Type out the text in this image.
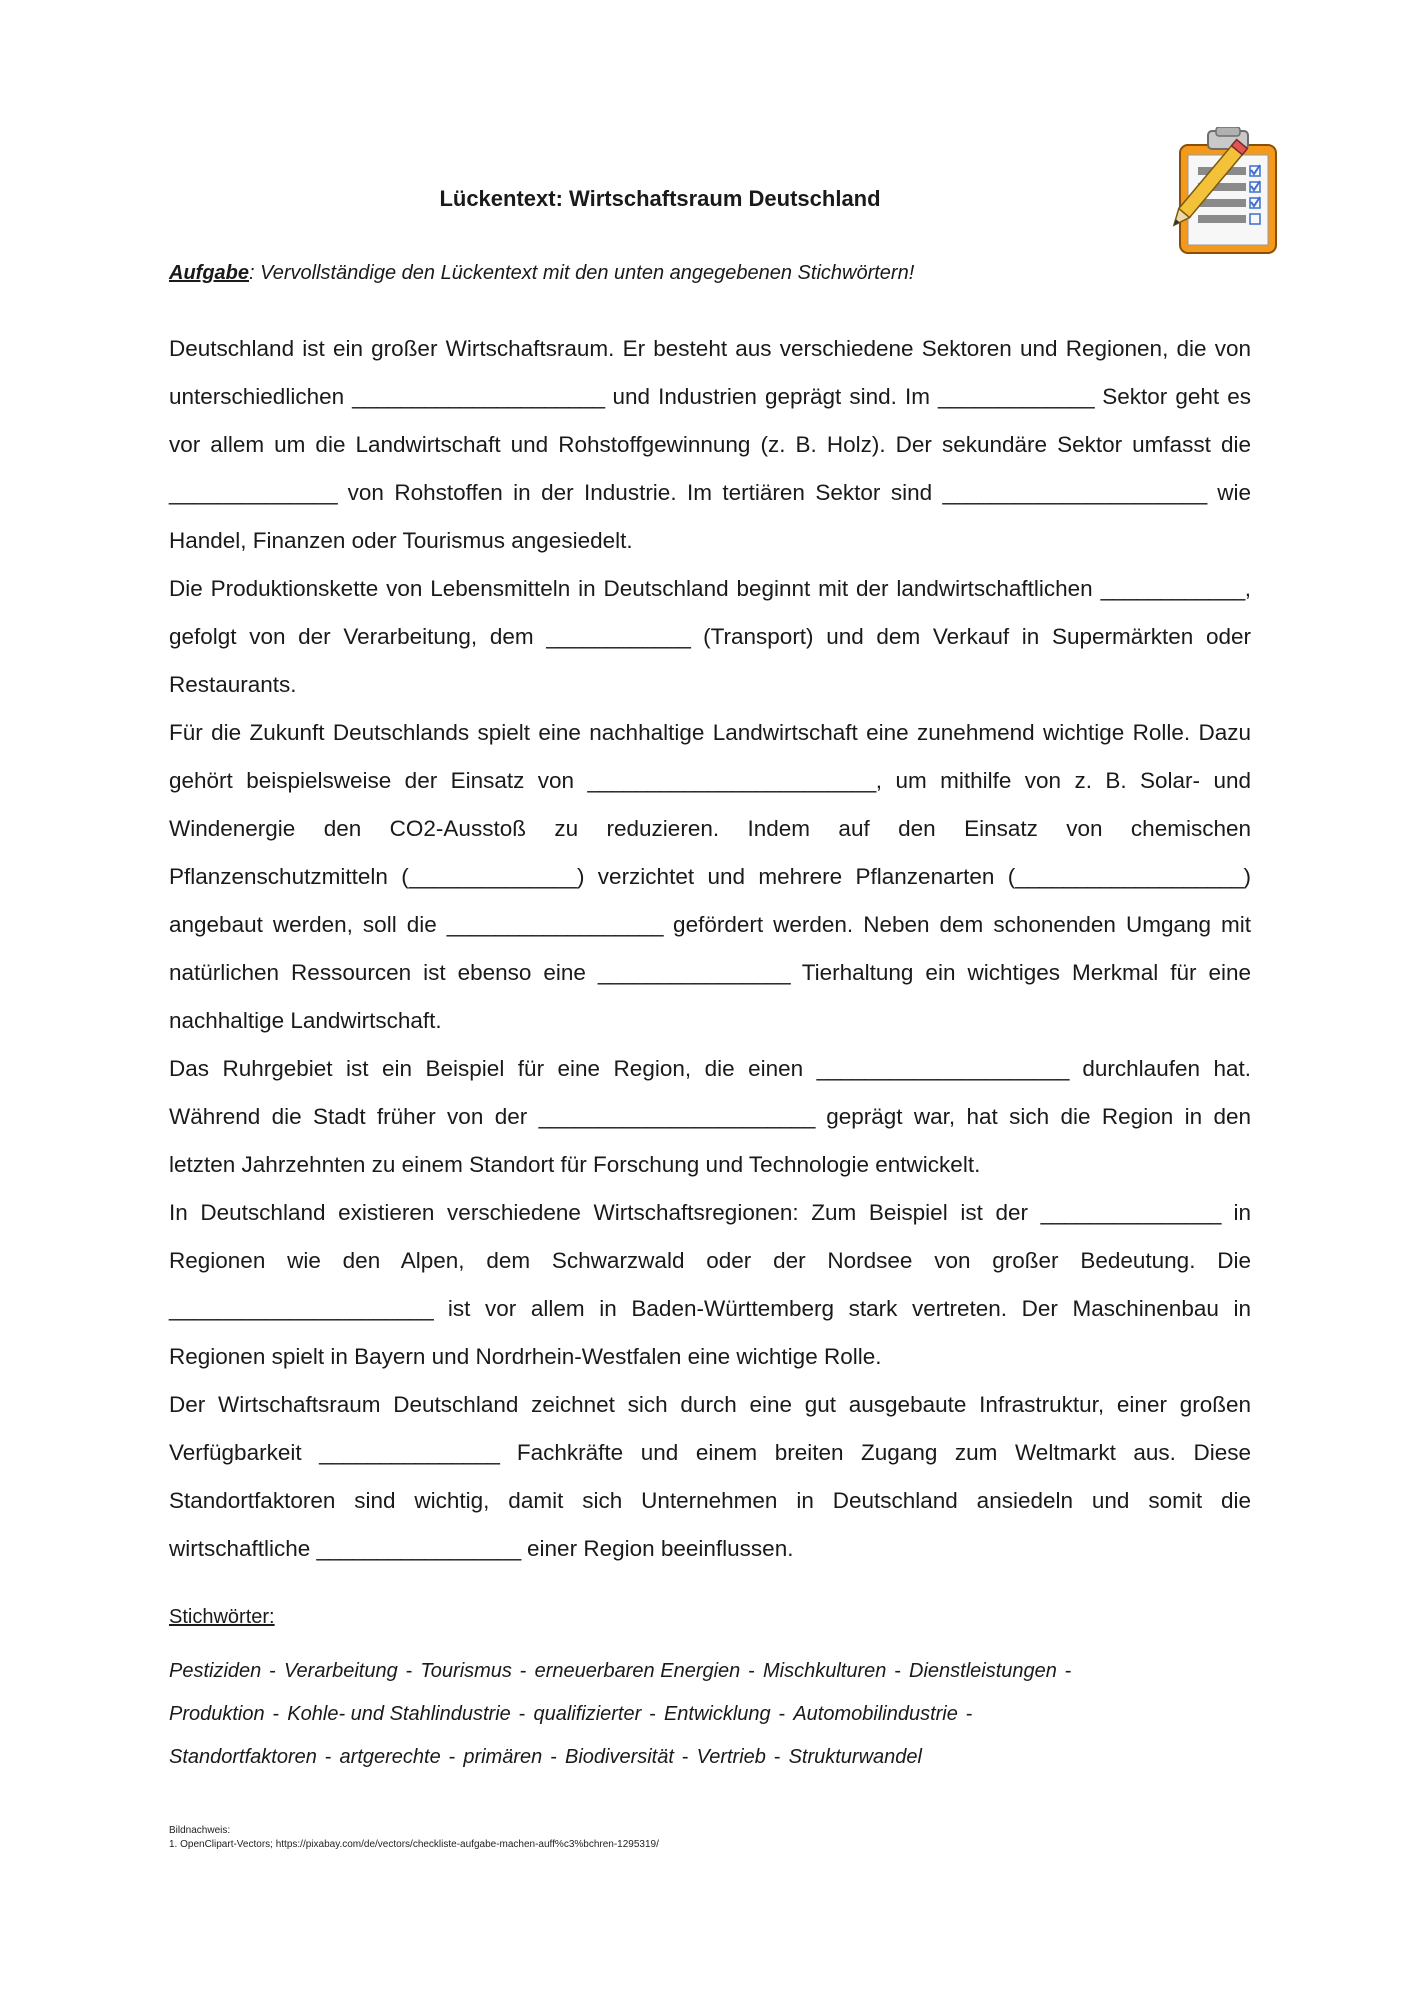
Lückentext: Wirtschaftsraum Deutschland
Aufgabe: Vervollständige den Lückentext mit den unten angegebenen Stichwörtern!

Deutschland ist ein großer Wirtschaftsraum. Er besteht aus verschiedene Sektoren und Regionen, die von unterschiedlichen _____________________ und Industrien geprägt sind. Im _____________ Sektor geht es vor allem um die Landwirtschaft und Rohstoffgewinnung (z. B. Holz). Der sekundäre Sektor umfasst die ______________ von Rohstoffen in der Industrie. Im tertiären Sektor sind ______________________ wie Handel, Finanzen oder Tourismus angesiedelt.

Die Produktionskette von Lebensmitteln in Deutschland beginnt mit der landwirtschaftlichen ____________, gefolgt von der Verarbeitung, dem ____________ (Transport) und dem Verkauf in Supermärkten oder Restaurants.

Für die Zukunft Deutschlands spielt eine nachhaltige Landwirtschaft eine zunehmend wichtige Rolle. Dazu gehört beispielsweise der Einsatz von ________________________, um mithilfe von z. B. Solar- und Windenergie den CO2-Ausstoß zu reduzieren. Indem auf den Einsatz von chemischen Pflanzenschutzmitteln (______________) verzichtet und mehrere Pflanzenarten (___________________) angebaut werden, soll die __________________ gefördert werden. Neben dem schonenden Umgang mit natürlichen Ressourcen ist ebenso eine ________________ Tierhaltung ein wichtiges Merkmal für eine nachhaltige Landwirtschaft.

Das Ruhrgebiet ist ein Beispiel für eine Region, die einen _____________________ durchlaufen hat. Während die Stadt früher von der _______________________ geprägt war, hat sich die Region in den letzten Jahrzehnten zu einem Standort für Forschung und Technologie entwickelt.

In Deutschland existieren verschiedene Wirtschaftsregionen: Zum Beispiel ist der _______________ in Regionen wie den Alpen, dem Schwarzwald oder der Nordsee von großer Bedeutung. Die ______________________ ist vor allem in Baden-Württemberg stark vertreten. Der Maschinenbau in Regionen spielt in Bayern und Nordrhein-Westfalen eine wichtige Rolle.

Der Wirtschaftsraum Deutschland zeichnet sich durch eine gut ausgebaute Infrastruktur, einer großen Verfügbarkeit _______________ Fachkräfte und einem breiten Zugang zum Weltmarkt aus. Diese Standortfaktoren sind wichtig, damit sich Unternehmen in Deutschland ansiedeln und somit die wirtschaftliche _________________ einer Region beeinflussen.

Stichwörter:
Pestiziden - Verarbeitung - Tourismus - erneuerbaren Energien - Mischkulturen - Dienstleistungen -
Produktion - Kohle- und Stahlindustrie - qualifizierter - Entwicklung - Automobilindustrie -
Standortfaktoren - artgerechte - primären - Biodiversität - Vertrieb - Strukturwandel
Bildnachweis:
1. OpenClipart-Vectors; https://pixabay.com/de/vectors/checkliste-aufgabe-machen-auff%c3%bchren-1295319/
